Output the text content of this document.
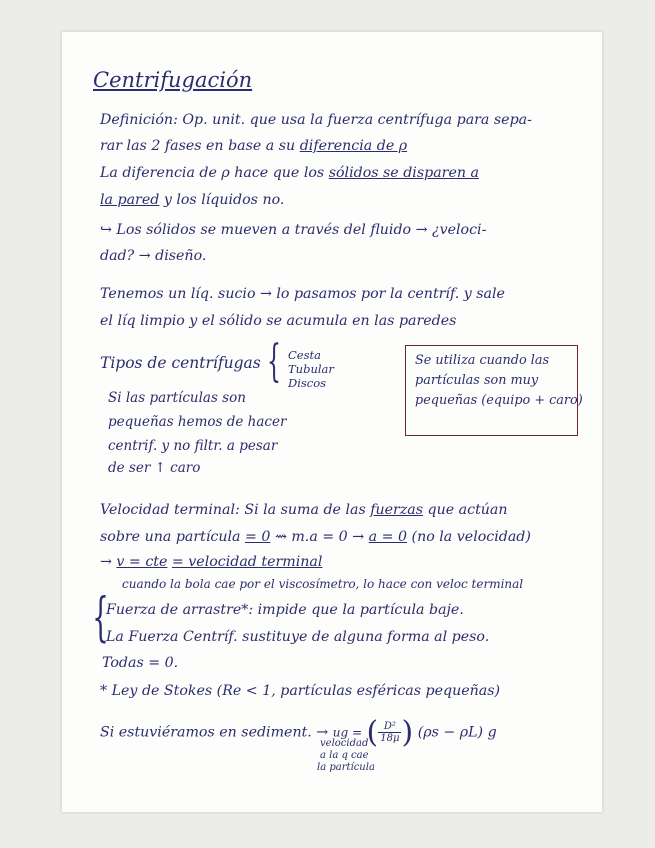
Centrifugación
Definición: Op. unit. que usa la fuerza centrífuga para sepa-
rar las 2 fases en base a su diferencia de ρ
La diferencia de ρ hace que los sólidos se disparen a
la pared y los líquidos no.
↪ Los sólidos se mueven a través del fluido → ¿veloci-
dad? → diseño.
Tenemos un líq. sucio → lo pasamos por la centríf. y sale
el líq limpio y el sólido se acumula en las paredes
Tipos de centrífugas { Cesta
Tubular
Discos
Se utiliza cuando las
partículas son muy
pequeñas (equipo + caro)
Si las partículas son
pequeñas hemos de hacer
centrif. y no filtr. a pesar
de ser ↑ caro
Velocidad terminal: Si la suma de las fuerzas que actúan
sobre una partícula = 0 ⇝ m.a = 0 → a = 0 (no la velocidad)
→ v = cte = velocidad terminal
cuando la bola cae por el viscosímetro, lo hace con veloc terminal
{
Fuerza de arrastre*: impide que la partícula baje.
La Fuerza Centríf. sustituye de alguna forma al peso.
Todas = 0.
* Ley de Stokes (Re < 1, partículas esféricas pequeñas)
Si estuviéramos en sediment. → ug = ( $\frac{\text{D²}}{18\mu}$ ) (ρs − ρL) g
velocidad
a la q cae
la partícula
